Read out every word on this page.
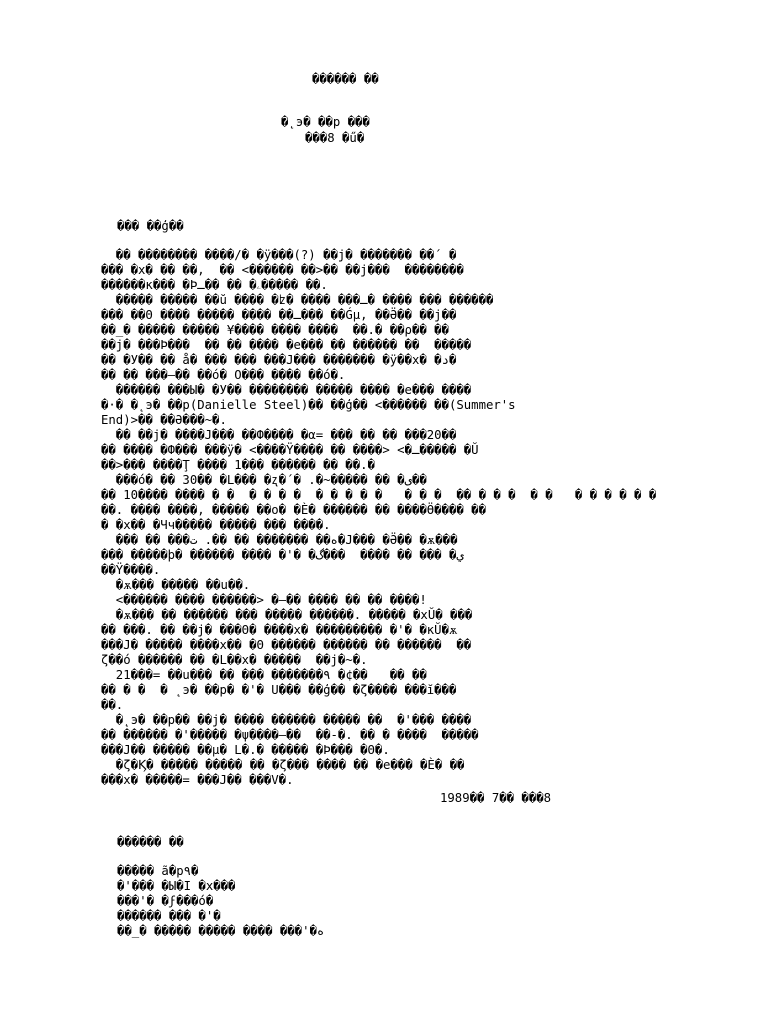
������ ��
�˛э� ��р ���
���8 �ű�
��� ��ģ��
�� �������� ����/� �ÿ���(?) ��j� ������� ��΄ �
��� �х� �� ��,  �� <������ ��>�� ��j���  ��������
������κ��� �Ϸۦ� �� ��ـ����� ��.
����� ����� ��ŭ ���� �ʫ� ���� ���ـ� ���� ��� ������
��� ��Θ ���� ����� ���� ��ـ��� ��Ǵμ, ��Ӛ�� ��j��
��_� ����� ����� ¥���� ���� ����  ��.� ��ρ�� ��
��j� ���Þ���  �� �� ���� �e��� �� ������ ��  �����
�� �У�� �� å� ��� ��� ���J��� ������� �ÿ��х� �ﺩ�
�� �� ���—�� ��ó� О��� ���� ��ό�.
������ ���Ы� �У�� �������� ����� ���� �e��� ����
�·� �˛э� ��р(Danielle Steel)�� ��ģ�� <������ ��(Summer's
End)>�� ��Ә���~�.
�� ��j� ����J��� ��Ф���� �α= ��� �� �� ���20��
�� ���� �Ф��� ���ÿ� <����Ÿ���� �� ����> <�ـ����� �Ŭ
��>��� ����Ţ ���� 1��� ������ �� ��.�
���ό� �� 30�� �L��� �ʐ�΄� .�~����� �� �ى��
�� 10���� ���� � �  � � � �  � � � � �   � � �  �� � � �  � �   � � � � � �
��. ���� ����, ����� ��ο� �Ѐ� ������ �� ����Ӫ���� ��
� �х�� �Чч����� ����� ��� ����.
��� �� ���ه�� ������� �� ��. ت�J��� �Ӛ�� �ѫ���
��� �����ϸ� ������ ���� �'� �ي� ��� �� ����  ���گ
��Ÿ����.
�ѫ��� ����� ��ս��.
<������ ���� ������> �–�� ���� �� �� ����!
�ѫ��� �� ������ ��� ����� ������. ����� �хŬ� ���
�� ���. �� ��j� ���Θ� ����х� ��������� �'� �кŬ�ѫ
���J� ����� ����х�� �Θ ������ ������ �� ������  ��
ζ��ό ������ �� �L��х� �����  ��j�~�.
21���= ��ս��� �� ��� �������٩ �¢��   �� ��
�� � �  � ˛э� ��р� �'� Ս��� ��ģ�� �ζ���� ���ĭ���
��.
�˛э� ��р�� ��j� ���� ������ ����� ��  �'��� ����
�� ������ �'����� �ψ����—��  ��-�. �� � ����  �����
���J�� ����� ��μ� L�.� ����� �Þ��� �Θ�.
�ζ�Ϗ� ����� ����� �� �ζ��� ���� �� �e��� �Ѐ� ��
���х� �����= ���J�� ���V�.
1989�� 7�� ���8
������ ��
����� ã�р٩�
�'��� �Ы�I �х���
���'� �ϝ���ό�
������ ��� �'�
��_� ����� ����� ���� ���'�ه
